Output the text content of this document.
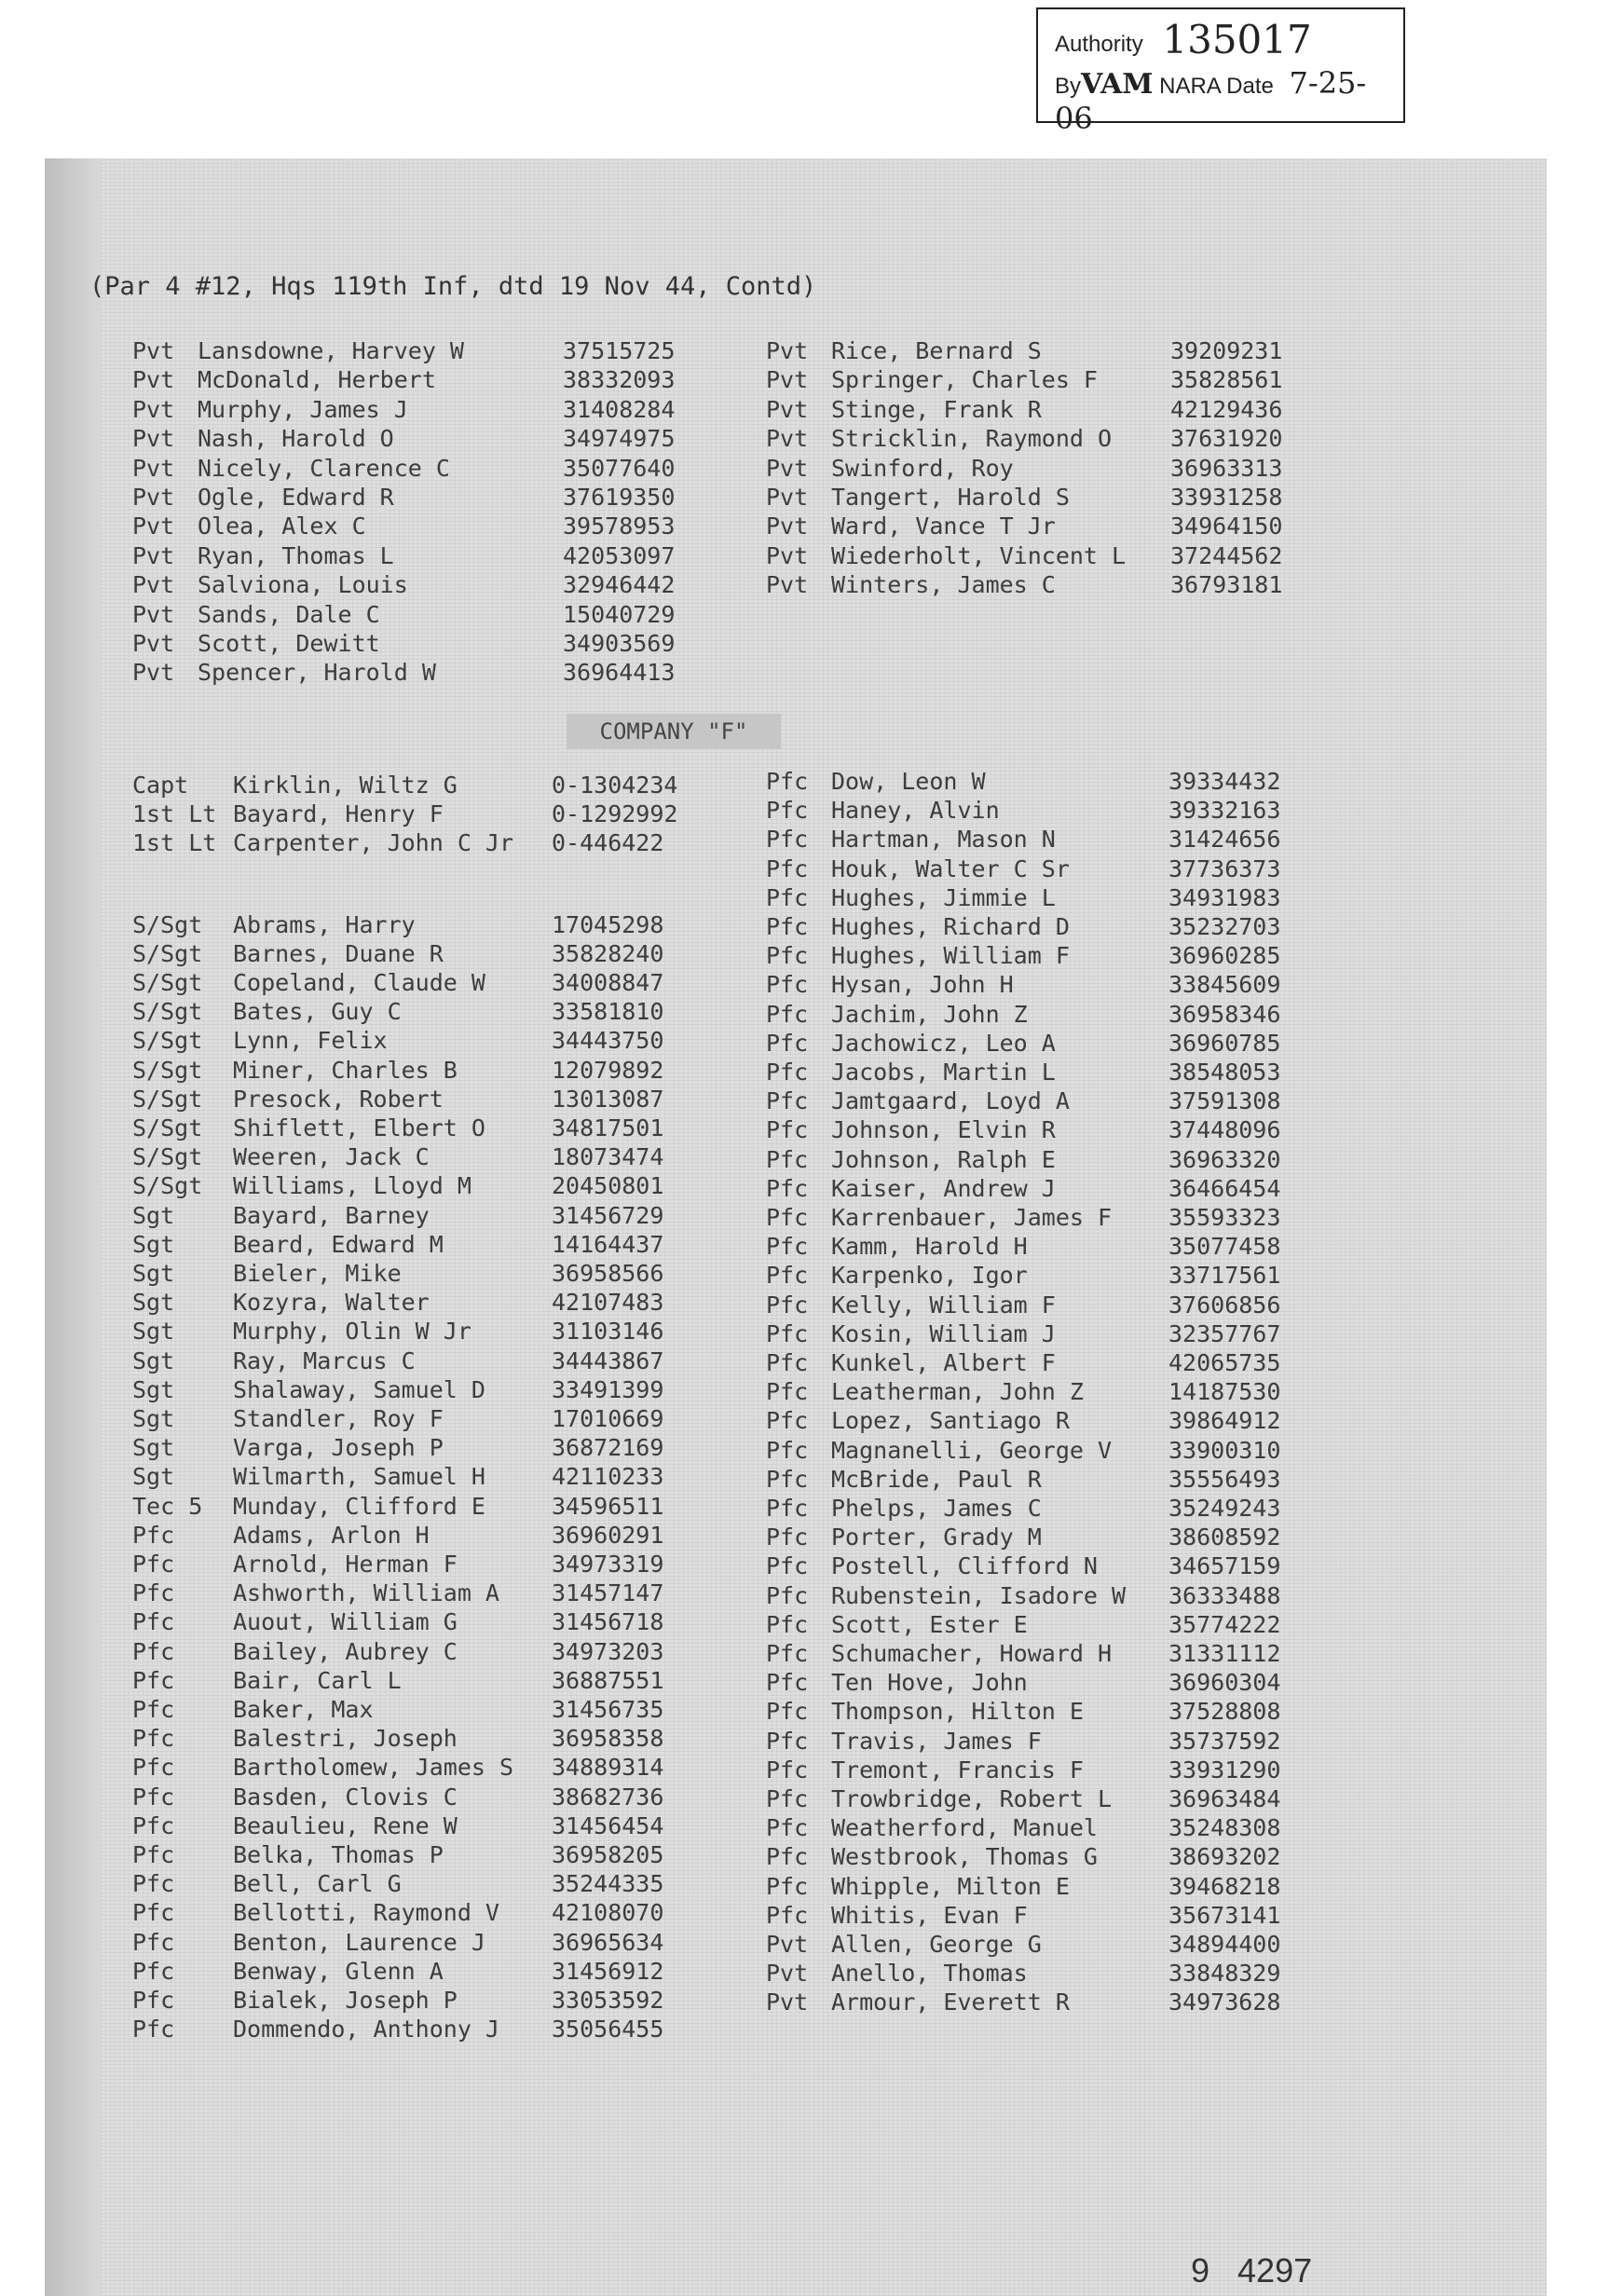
Authority 135017
ByVAM NARA Date 7-25-06
(Par 4 #12, Hqs 119th Inf, dtd 19 Nov 44, Contd)
COMPANY "F"
Pvt Lansdowne, Harvey W	37515725
Pvt McDonald, Herbert	38332093
Pvt Murphy, James J	31408284
Pvt Nash, Harold O	34974975
Pvt Nicely, Clarence C	35077640
Pvt Ogle, Edward R	37619350
Pvt Olea, Alex C	39578953
Pvt Ryan, Thomas L	42053097
Pvt Salviona, Louis	32946442
Pvt Sands, Dale C	15040729
Pvt Scott, Dewitt	34903569
Pvt Spencer, Harold W	36964413
Pvt Rice, Bernard S	39209231
Pvt Springer, Charles F	35828561
Pvt Stinge, Frank R	42129436
Pvt Stricklin, Raymond O	37631920
Pvt Swinford, Roy	36963313
Pvt Tangert, Harold S	33931258
Pvt Ward, Vance T Jr	34964150
Pvt Wiederholt, Vincent L 37244562
Pvt Winters, James C	36793181
Capt Kirklin, Wiltz G	0-1304234
1st Lt Bayard, Henry F	0-1292992
1st Lt Carpenter, John C Jr 0-446422
S/Sgt Abrams, Harry	17045298
S/Sgt Barnes, Duane R	35828240
S/Sgt Copeland, Claude W	34008847
S/Sgt Bates, Guy C	33581810
S/Sgt Lynn, Felix	34443750
S/Sgt Miner, Charles B	12079892
S/Sgt Presock, Robert	13013087
S/Sgt Shiflett, Elbert O	34817501
S/Sgt Weeren, Jack C	18073474
S/Sgt Williams, Lloyd M	20450801
Sgt	Bayard, Barney	31456729
Sgt	Beard, Edward M	14164437
Sgt	Bieler, Mike	36958566
Sgt	Kozyra, Walter	42107483
Sgt	Murphy, Olin W Jr	31103146
Sgt	Ray, Marcus C	34443867
Sgt	Shalaway, Samuel D	33491399
Sgt	Standler, Roy F	17010669
Sgt	Varga, Joseph P	36872169
Sgt	Wilmarth, Samuel H	42110233
Tec 5 Munday, Clifford E	34596511
Pfc	Adams, Arlon H	36960291
Pfc	Arnold, Herman F	34973319
Pfc	Ashworth, William A 31457147
Pfc	Auout, William G	31456718
Pfc	Bailey, Aubrey C	34973203
Pfc	Bair, Carl L	36887551
Pfc	Baker, Max	31456735
Pfc	Balestri, Joseph	36958358
Pfc	Bartholomew, James S 34889314
Pfc	Basden, Clovis C	38682736
Pfc	Beaulieu, Rene W	31456454
Pfc	Belka, Thomas P	36958205
Pfc	Bell, Carl G	35244335
Pfc	Bellotti, Raymond V 42108070
Pfc	Benton, Laurence J	36965634
Pfc	Benway, Glenn A	31456912
Pfc	Bialek, Joseph P	33053592
Pfc	Dommendo, Anthony J 35056455
Pfc Dow, Leon W	39334432
Pfc Haney, Alvin	39332163
Pfc Hartman, Mason N	31424656
Pfc Houk, Walter C Sr	37736373
Pfc Hughes, Jimmie L	34931983
Pfc Hughes, Richard D	35232703
Pfc Hughes, William F	36960285
Pfc Hysan, John H	33845609
Pfc Jachim, John Z	36958346
Pfc Jachowicz, Leo A	36960785
Pfc Jacobs, Martin L	38548053
Pfc Jamtgaard, Loyd A	37591308
Pfc Johnson, Elvin R	37448096
Pfc Johnson, Ralph E	36963320
Pfc Kaiser, Andrew J	36466454
Pfc Karrenbauer, James F 35593323
Pfc Kamm, Harold H	35077458
Pfc Karpenko, Igor	33717561
Pfc Kelly, William F	37606856
Pfc Kosin, William J	32357767
Pfc Kunkel, Albert F	42065735
Pfc Leatherman, John Z	14187530
Pfc Lopez, Santiago R	39864912
Pfc Magnanelli, George V 33900310
Pfc McBride, Paul R	35556493
Pfc Phelps, James C	35249243
Pfc Porter, Grady M	38608592
Pfc Postell, Clifford N	34657159
Pfc Rubenstein, Isadore W 36333488
Pfc Scott, Ester E	35774222
Pfc Schumacher, Howard H 31331112
Pfc Ten Hove, John	36960304
Pfc Thompson, Hilton E	37528808
Pfc Travis, James F	35737592
Pfc Tremont, Francis F	33931290
Pfc Trowbridge, Robert L 36963484
Pfc Weatherford, Manuel	35248308
Pfc Westbrook, Thomas G	38693202
Pfc Whipple, Milton E	39468218
Pfc Whitis, Evan F	35673141
Pvt Allen, George G	34894400
Pvt Anello, Thomas	33848329
Pvt Armour, Everett R	34973628
9 4297
